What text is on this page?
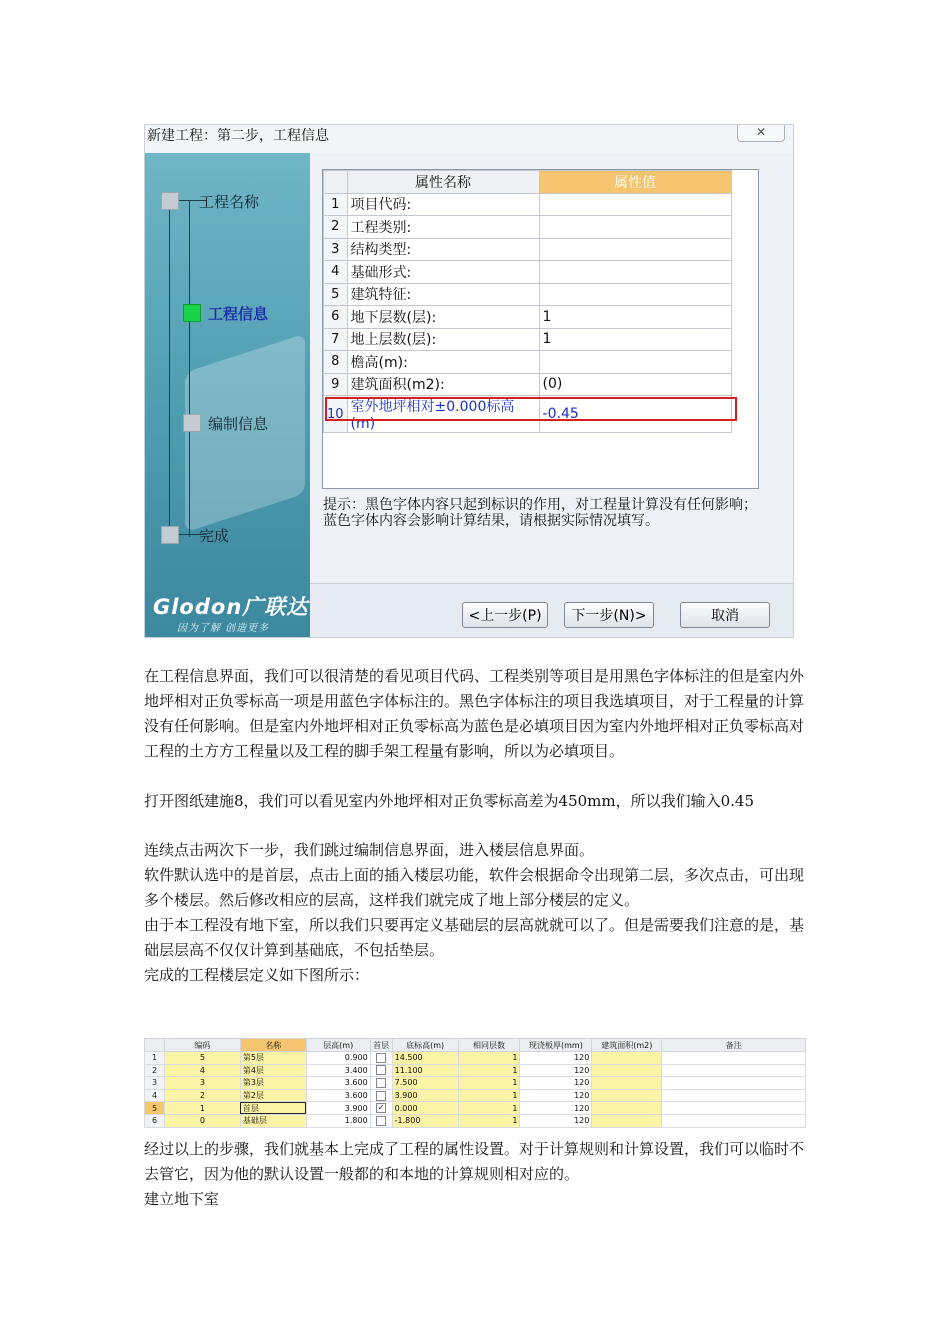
新建工程：第二步，工程信息	✕
工程名称
工程信息
编制信息
完成
Glodon广联达
因为了解 创造更多
	属性名称	属性值
1	项目代码:	
2	工程类别:	
3	结构类型:	
4	基础形式:	
5	建筑特征:	
6	地下层数(层):	1
7	地上层数(层):	1
8	檐高(m):	
9	建筑面积(m2):	(0)
10	室外地坪相对±0.000标高(m)	-0.45

提示：黑色字体内容只起到标识的作用，对工程量计算没有任何影响；蓝色字体内容会影响计算结果，请根据实际情况填写。
<上一步(P)	下一步(N)>	取消

在工程信息界面，我们可以很清楚的看见项目代码、工程类别等项目是用黑色字体标注的但是室内外地坪相对正负零标高一项是用蓝色字体标注的。黑色字体标注的项目我选填项目，对于工程量的计算没有任何影响。但是室内外地坪相对正负零标高为蓝色是必填项目因为室内外地坪相对正负零标高对工程的土方方工程量以及工程的脚手架工程量有影响，所以为必填项目。

打开图纸建施8，我们可以看见室内外地坪相对正负零标高差为450mm，所以我们输入0.45

连续点击两次下一步，我们跳过编制信息界面，进入楼层信息界面。

软件默认选中的是首层，点击上面的插入楼层功能，软件会根据命令出现第二层，多次点击，可出现多个楼层。然后修改相应的层高，这样我们就完成了地上部分楼层的定义。

由于本工程没有地下室，所以我们只要再定义基础层的层高就就可以了。但是需要我们注意的是，基础层层高不仅仅计算到基础底，不包括垫层。

完成的工程楼层定义如下图所示：

	编码	名称	层高(m)	首层	底标高(m)	相同层数	现浇板厚(mm)	建筑面积(m2)	备注
1	5	第5层	0.900		14.500	1	120		
2	4	第4层	3.400		11.100	1	120		
3	3	第3层	3.600		7.500	1	120		
4	2	第2层	3.600		3.900	1	120		
5	1	首层	3.900	✓	0.000	1	120		
6	0	基础层	1.800		-1.800	1	120		

经过以上的步骤，我们就基本上完成了工程的属性设置。对于计算规则和计算设置，我们可以临时不去管它，因为他的默认设置一般都的和本地的计算规则相对应的。

建立地下室
